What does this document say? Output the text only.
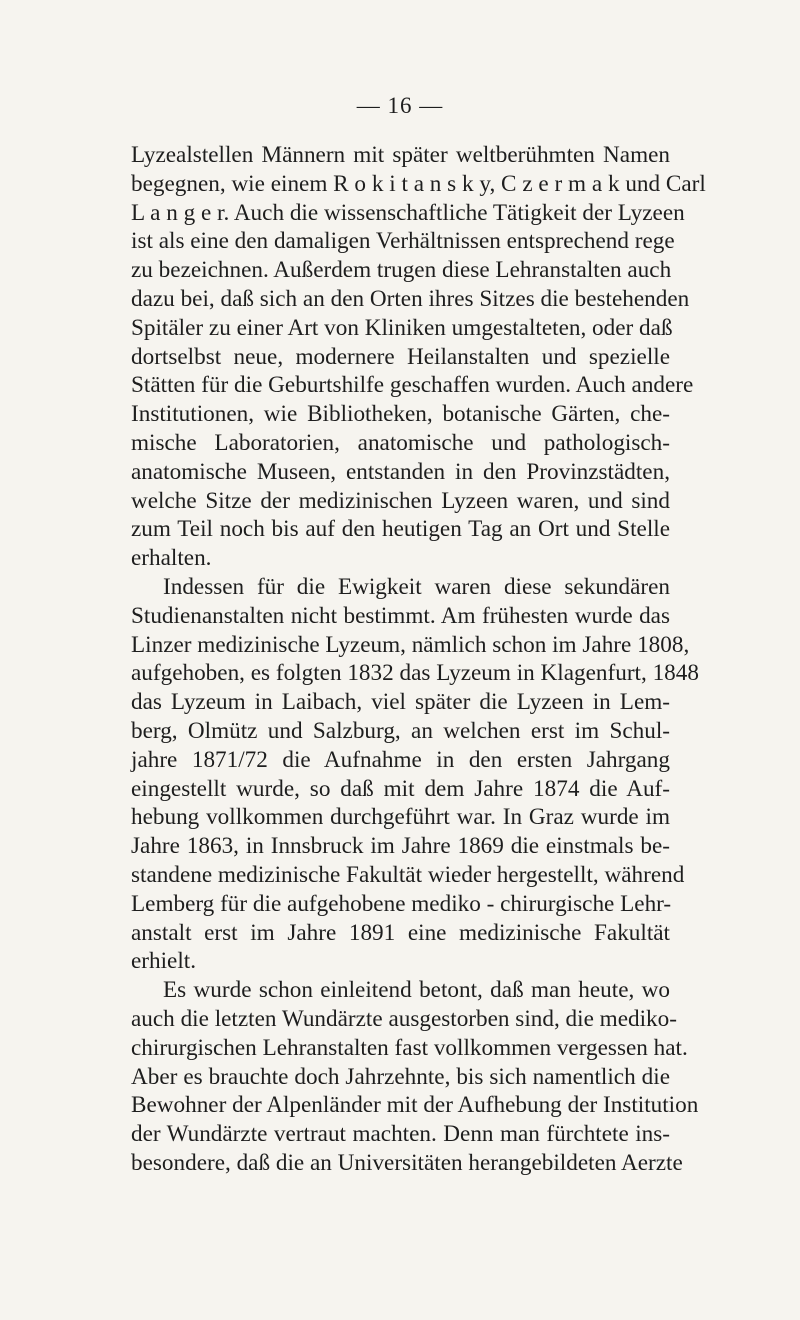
— 16 —
Lyzealstellen Männern mit später weltberühmten Namen
begegnen, wie einem R o k i t a n s k y, C z e r m a k und Carl
L a n g e r. Auch die wissenschaftliche Tätigkeit der Lyzeen
ist als eine den damaligen Verhältnissen entsprechend rege
zu bezeichnen. Außerdem trugen diese Lehranstalten auch
dazu bei, daß sich an den Orten ihres Sitzes die bestehenden
Spitäler zu einer Art von Kliniken umgestalteten, oder daß
dortselbst neue, modernere Heilanstalten und spezielle
Stätten für die Geburtshilfe geschaffen wurden. Auch andere
Institutionen, wie Bibliotheken, botanische Gärten, che-
mische Laboratorien, anatomische und pathologisch-
anatomische Museen, entstanden in den Provinzstädten,
welche Sitze der medizinischen Lyzeen waren, und sind
zum Teil noch bis auf den heutigen Tag an Ort und Stelle
erhalten.
Indessen für die Ewigkeit waren diese sekundären
Studienanstalten nicht bestimmt. Am frühesten wurde das
Linzer medizinische Lyzeum, nämlich schon im Jahre 1808,
aufgehoben, es folgten 1832 das Lyzeum in Klagenfurt, 1848
das Lyzeum in Laibach, viel später die Lyzeen in Lem-
berg, Olmütz und Salzburg, an welchen erst im Schul-
jahre 1871/72 die Aufnahme in den ersten Jahrgang
eingestellt wurde, so daß mit dem Jahre 1874 die Auf-
hebung vollkommen durchgeführt war. In Graz wurde im
Jahre 1863, in Innsbruck im Jahre 1869 die einstmals be-
standene medizinische Fakultät wieder hergestellt, während
Lemberg für die aufgehobene mediko - chirurgische Lehr-
anstalt erst im Jahre 1891 eine medizinische Fakultät
erhielt.
Es wurde schon einleitend betont, daß man heute, wo
auch die letzten Wundärzte ausgestorben sind, die mediko-
chirurgischen Lehranstalten fast vollkommen vergessen hat.
Aber es brauchte doch Jahrzehnte, bis sich namentlich die
Bewohner der Alpenländer mit der Aufhebung der Institution
der Wundärzte vertraut machten. Denn man fürchtete ins-
besondere, daß die an Universitäten herangebildeten Aerzte
